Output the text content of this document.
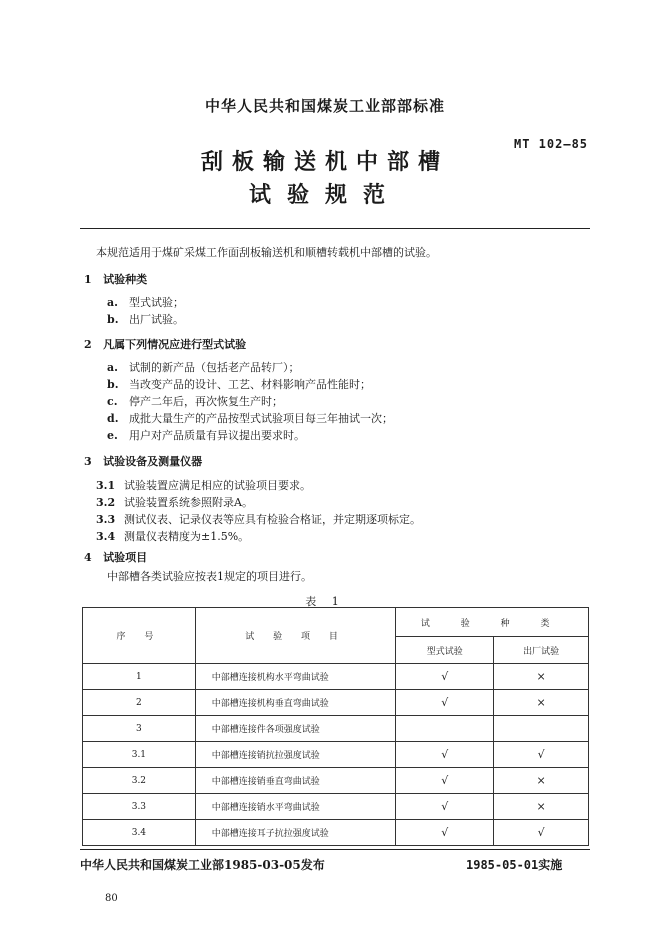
中华人民共和国煤炭工业部部标准
MT 102—85
刮板输送机中部槽
试验规范
本规范适用于煤矿采煤工作面刮板输送机和顺槽转载机中部槽的试验。
1 试验种类
a. 型式试验；
b. 出厂试验。
2 凡属下列情况应进行型式试验
a. 试制的新产品（包括老产品转厂）；
b. 当改变产品的设计、工艺、材料影响产品性能时；
c. 停产二年后，再次恢复生产时；
d. 成批大量生产的产品按型式试验项目每三年抽试一次；
e. 用户对产品质量有异议提出要求时。
3 试验设备及测量仪器
3.1 试验装置应满足相应的试验项目要求。
3.2 试验装置系统参照附录A。
3.3 测试仪表、记录仪表等应具有检验合格证，并定期逐项标定。
3.4 测量仪表精度为±1.5%。
4 试验项目
中部槽各类试验应按表1规定的项目进行。
表 1
序 号	试 验 项 目	试 验 种 类	
		型式试验	出厂试验
1	中部槽连接机构水平弯曲试验	√	×
2	中部槽连接机构垂直弯曲试验	√	×
3	中部槽连接件各项强度试验		
3.1	中部槽连接销抗拉强度试验	√	√
3.2	中部槽连接销垂直弯曲试验	√	×
3.3	中部槽连接销水平弯曲试验	√	×
3.4	中部槽连接耳子抗拉强度试验	√	√
中华人民共和国煤炭工业部1985-03-05发布	1985-05-01实施
80
